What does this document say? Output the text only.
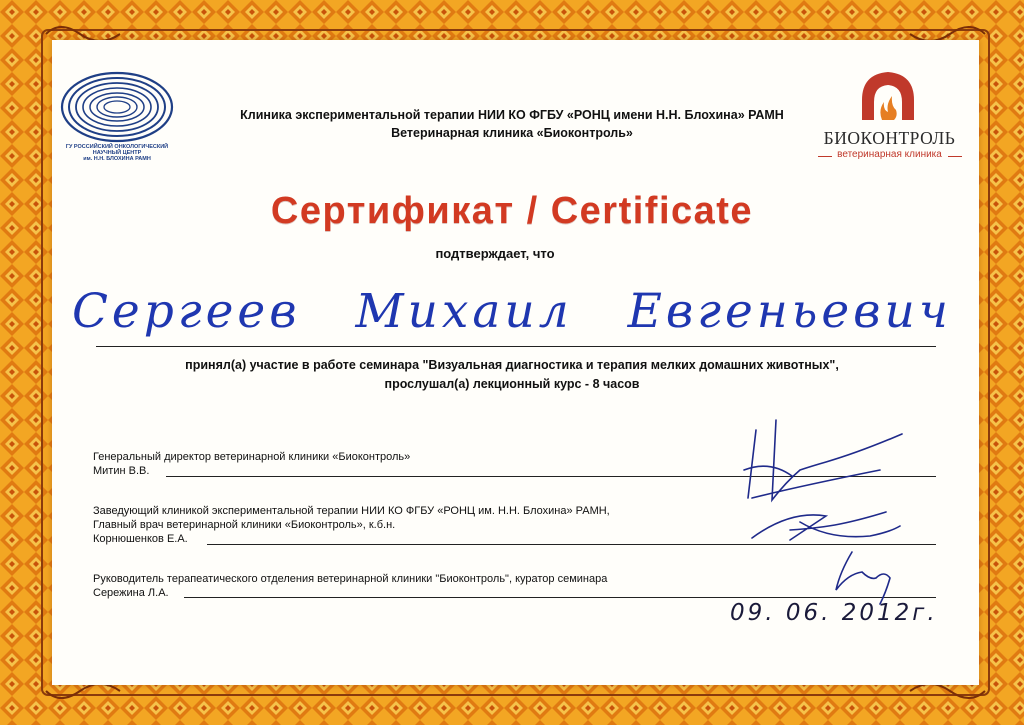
ГУ РОССИЙСКИЙ ОНКОЛОГИЧЕСКИЙ
НАУЧНЫЙ ЦЕНТР
им. Н.Н. БЛОХИНА РАМН
Клиника экспериментальной терапии НИИ КО ФГБУ «РОНЦ имени Н.Н. Блохина» РАМН
Ветеринарная клиника «Биоконтроль»	БИОКОНТРОЛЬ
ветеринарная клиника
Сертификат / Certificate
подтверждает, что
Сергеев Михаил Евгеньевич
принял(а) участие в работе семинара "Визуальная диагностика и терапия мелких домашних животных",
прослушал(а) лекционный курс - 8 часов
Генеральный директор ветеринарной клиники «Биоконтроль»
Митин В.В.
Заведующий клиникой экспериментальной терапии НИИ КО ФГБУ «РОНЦ им. Н.Н. Блохина» РАМН,
Главный врач ветеринарной клиники «Биоконтроль», к.б.н.
Корнюшенков Е.А.
Руководитель терапеатического отделения ветеринарной клиники "Биоконтроль", куратор семинара
Сережина Л.А.
09. 06. 2012г.
